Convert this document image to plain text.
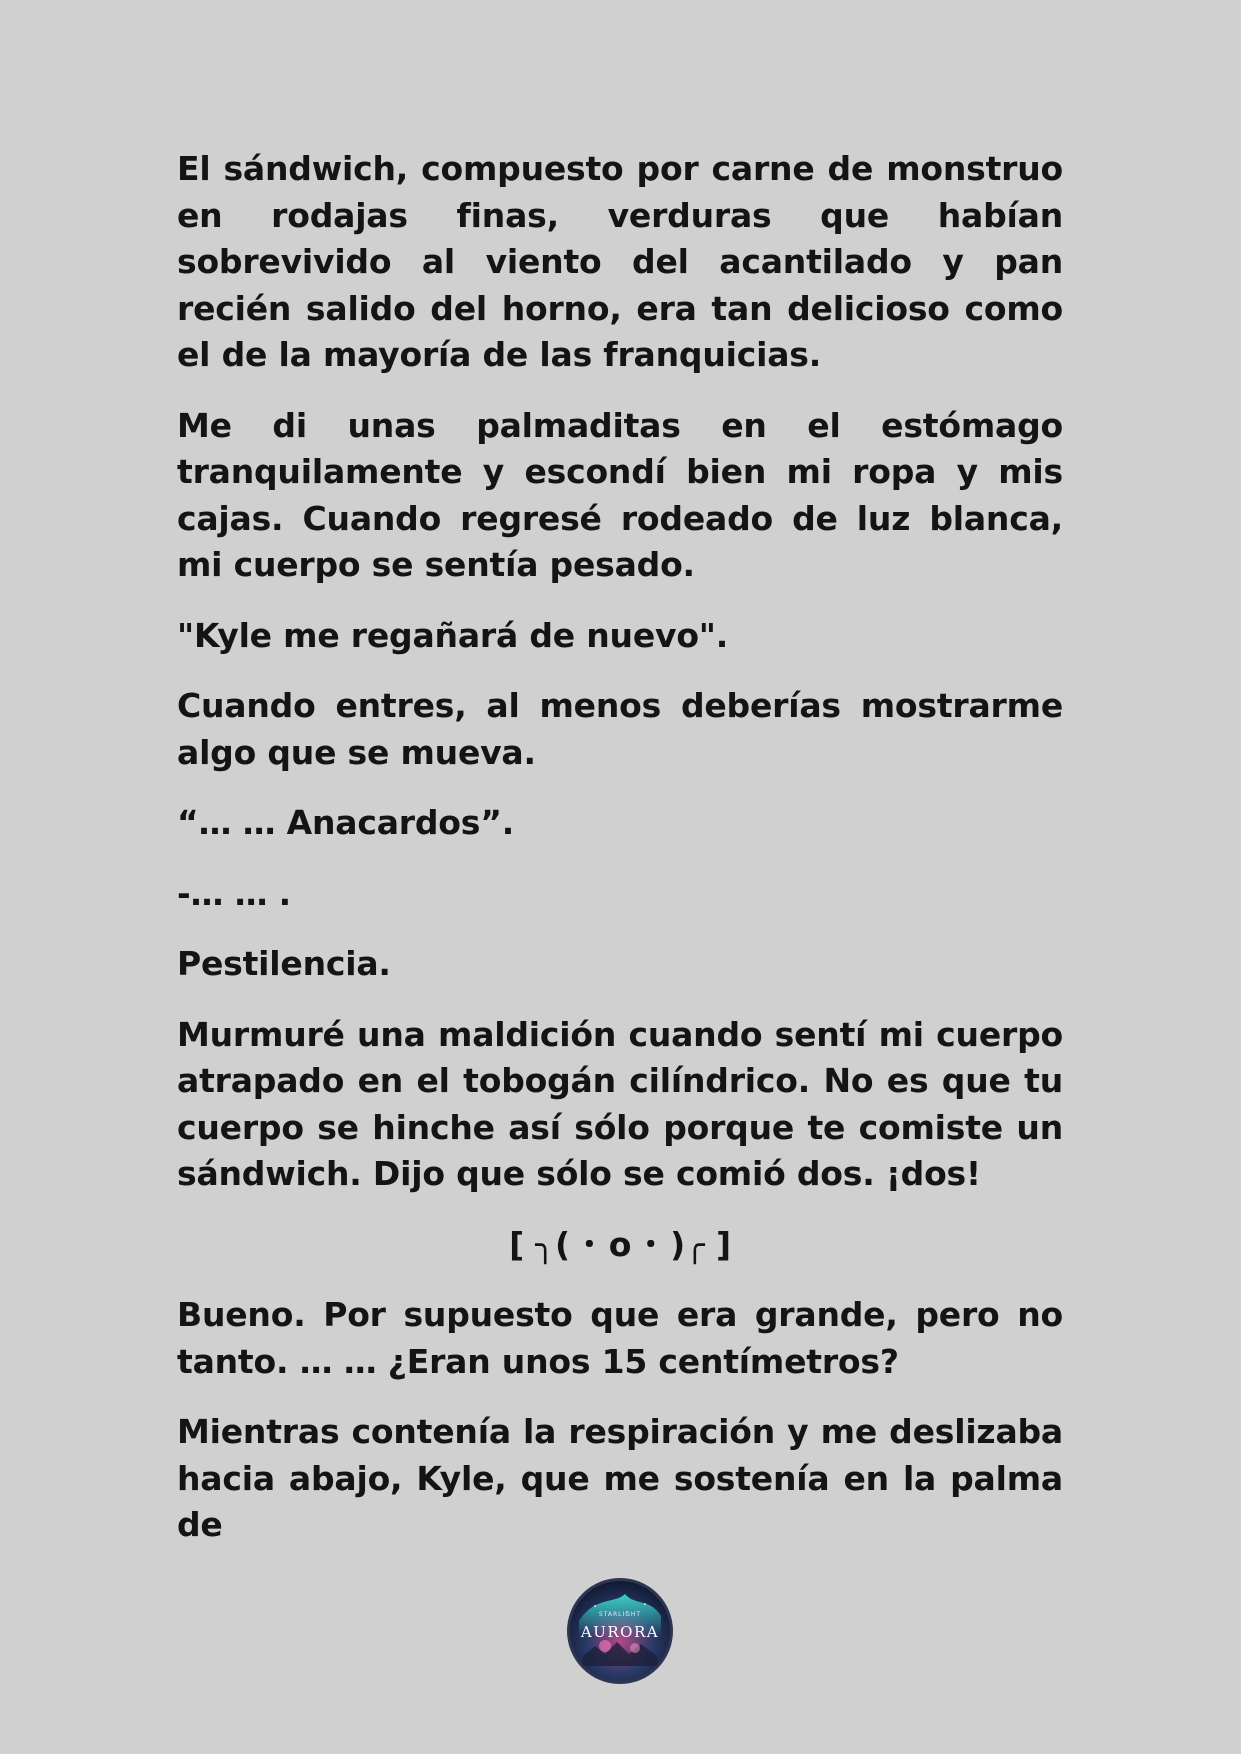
El sándwich, compuesto por carne de monstruo en rodajas finas, verduras que habían sobrevivido al viento del acantilado y pan recién salido del horno, era tan delicioso como el de la mayoría de las franquicias.

Me di unas palmaditas en el estómago tranquilamente y escondí bien mi ropa y mis cajas. Cuando regresé rodeado de luz blanca, mi cuerpo se sentía pesado.

"Kyle me regañará de nuevo".

Cuando entres, al menos deberías mostrarme algo que se mueva.

“… … Anacardos”.

-… … .

Pestilencia.

Murmuré una maldición cuando sentí mi cuerpo atrapado en el tobogán cilíndrico. No es que tu cuerpo se hinche así sólo porque te comiste un sándwich. Dijo que sólo se comió dos. ¡dos!

[ ╮( ･ o ･ )╭ ]

Bueno. Por supuesto que era grande, pero no tanto. … … ¿Eran unos 15 centímetros?

Mientras contenía la respiración y me deslizaba hacia abajo, Kyle, que me sostenía en la palma de

STARLIGHT
AURORA
